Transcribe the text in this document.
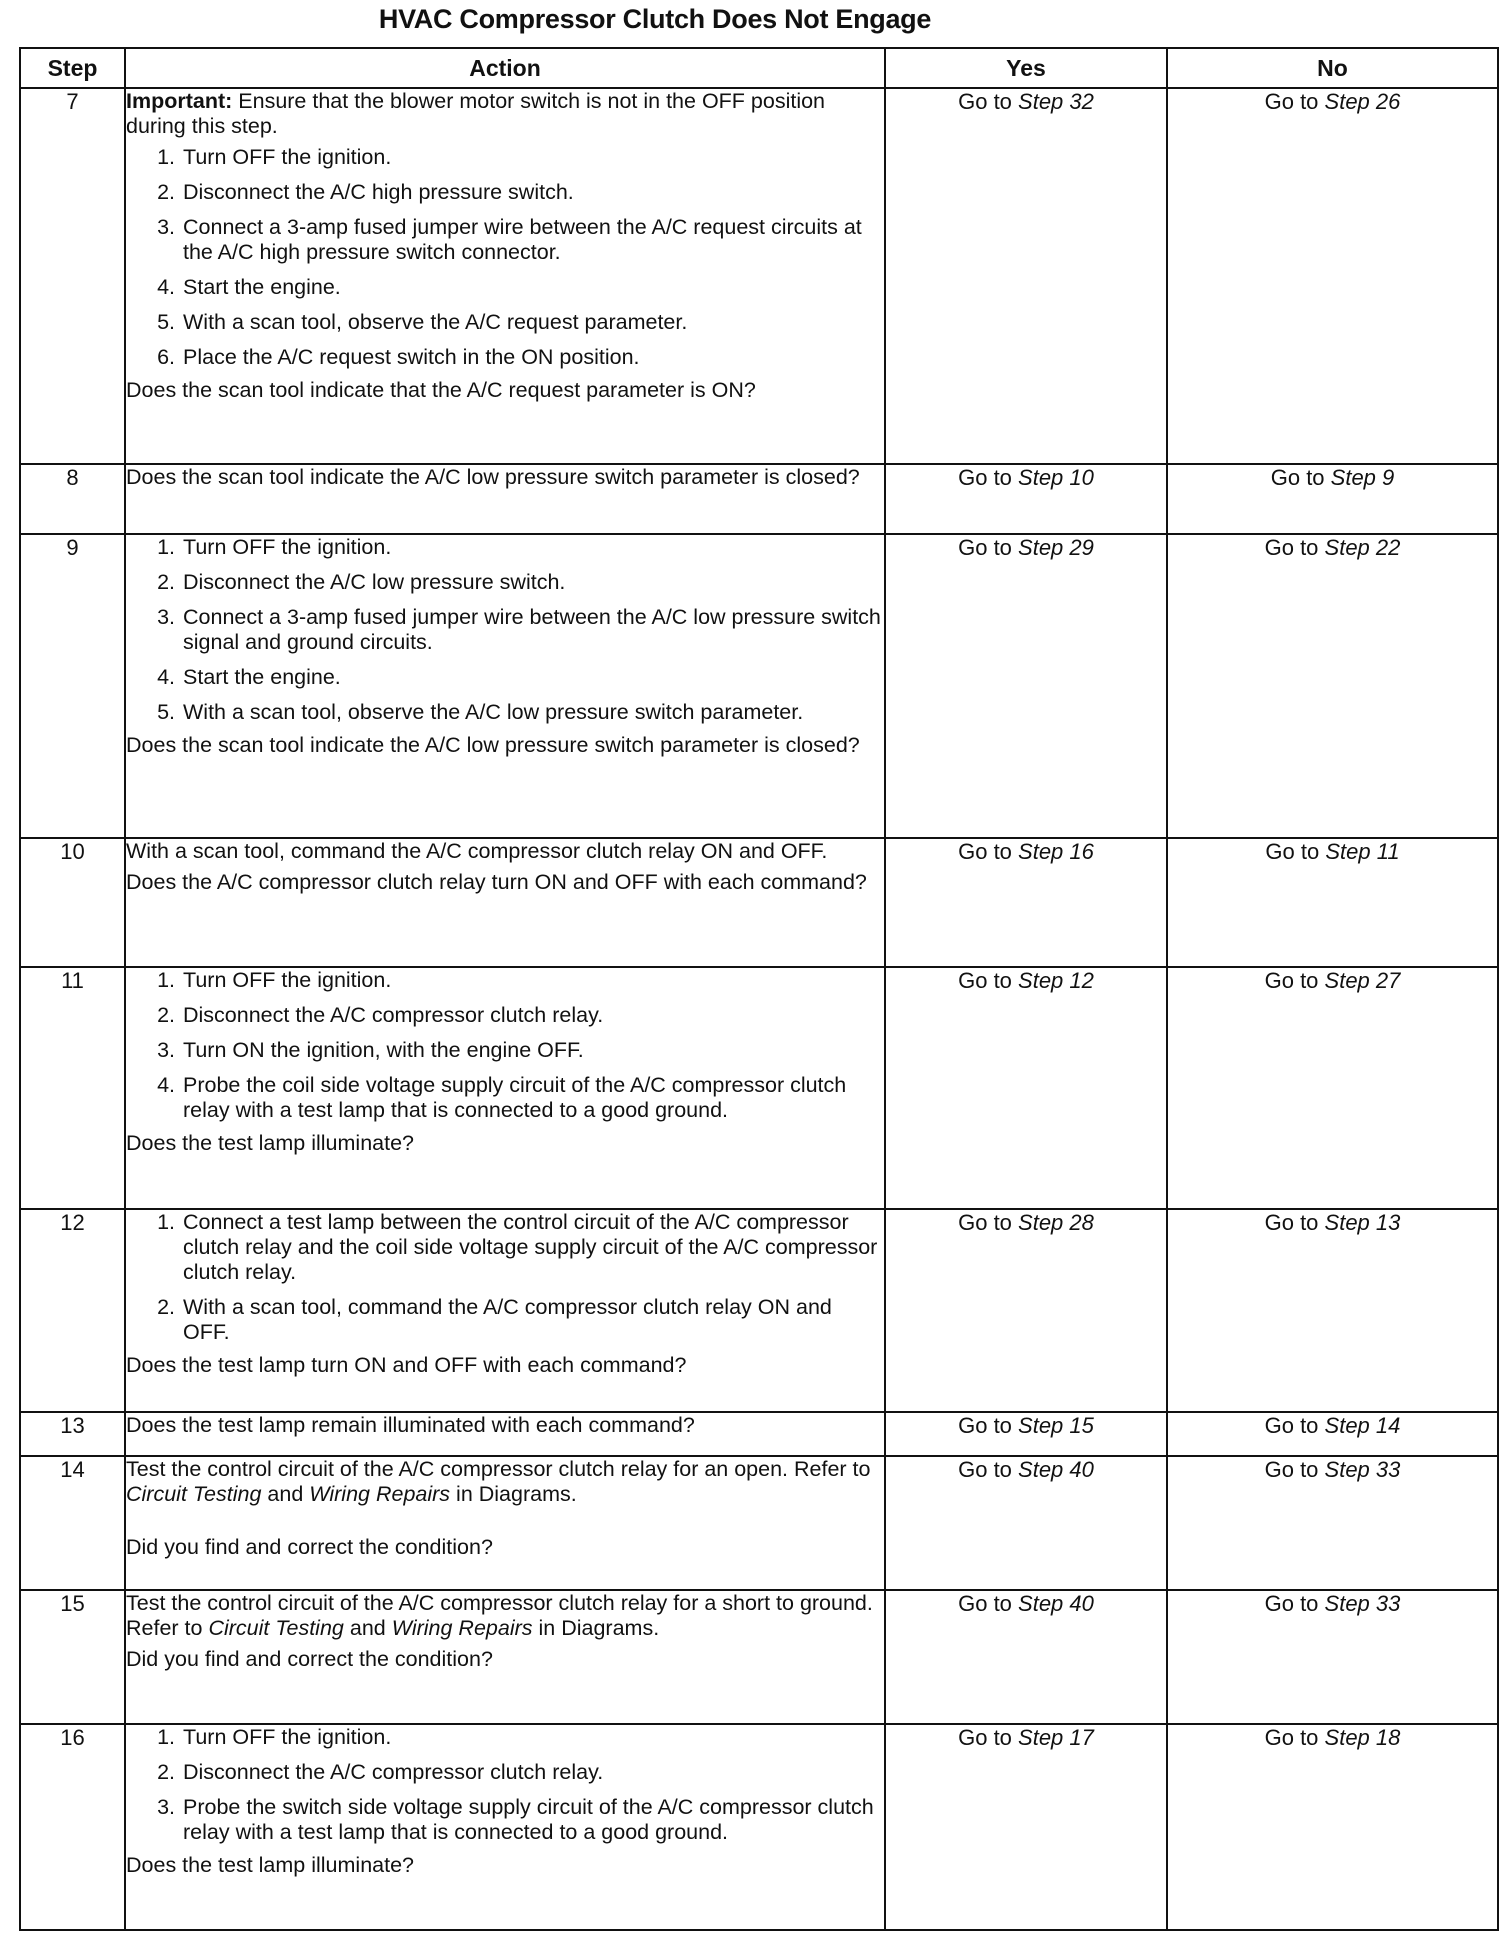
HVAC Compressor Clutch Does Not Engage
Step	Action	Yes	No
7	Important: Ensure that the blower motor switch is not in the OFF position during this step.
1. Turn OFF the ignition.
2. Disconnect the A/C high pressure switch.
3. Connect a 3-amp fused jumper wire between the A/C request circuits at the A/C high pressure switch connector.
4. Start the engine.
5. With a scan tool, observe the A/C request parameter.
6. Place the A/C request switch in the ON position.
Does the scan tool indicate that the A/C request parameter is ON?
	Go to Step 32	Go to Step 26
8	Does the scan tool indicate the A/C low pressure switch parameter is closed?	Go to Step 10	Go to Step 9
9	
1.Turn OFF the ignition.
2. Disconnect the A/C low pressure switch.
3. Connect a 3-amp fused jumper wire between the A/C low pressure switch signal and ground circuits.
4. Start the engine.
5. With a scan tool, observe the A/C low pressure switch parameter.
Does the scan tool indicate the A/C low pressure switch parameter is closed?
	Go to Step 29	Go to Step 22
10	With a scan tool, command the A/C compressor clutch relay ON and OFF.
Does the A/C compressor clutch relay turn ON and OFF with each command?	Go to Step 16	Go to Step 11
11	
1.Turn OFF the ignition.
2. Disconnect the A/C compressor clutch relay.
3. Turn ON the ignition, with the engine OFF.
4. Probe the coil side voltage supply circuit of the A/C compressor clutch relay with a test lamp that is connected to a good ground.
Does the test lamp illuminate?
	Go to Step 12	Go to Step 27
12	
1.Connect a test lamp between the control circuit of the A/C compressor clutch relay and the coil side voltage supply circuit of the A/C compressor clutch relay.
2. With a scan tool, command the A/C compressor clutch relay ON and OFF.
Does the test lamp turn ON and OFF with each command?
	Go to Step 28	Go to Step 13
13	Does the test lamp remain illuminated with each command?	Go to Step 15	Go to Step 14
14	Test the control circuit of the A/C compressor clutch relay for an open. Refer to Circuit Testing and Wiring Repairs in Diagrams.
Did you find and correct the condition?	Go to Step 40	Go to Step 33
15	Test the control circuit of the A/C compressor clutch relay for a short to ground. Refer to Circuit Testing and Wiring Repairs in Diagrams.
Did you find and correct the condition?	Go to Step 40	Go to Step 33
16	
1.Turn OFF the ignition.
2. Disconnect the A/C compressor clutch relay.
3. Probe the switch side voltage supply circuit of the A/C compressor clutch relay with a test lamp that is connected to a good ground.
Does the test lamp illuminate?
	Go to Step 17	Go to Step 18
